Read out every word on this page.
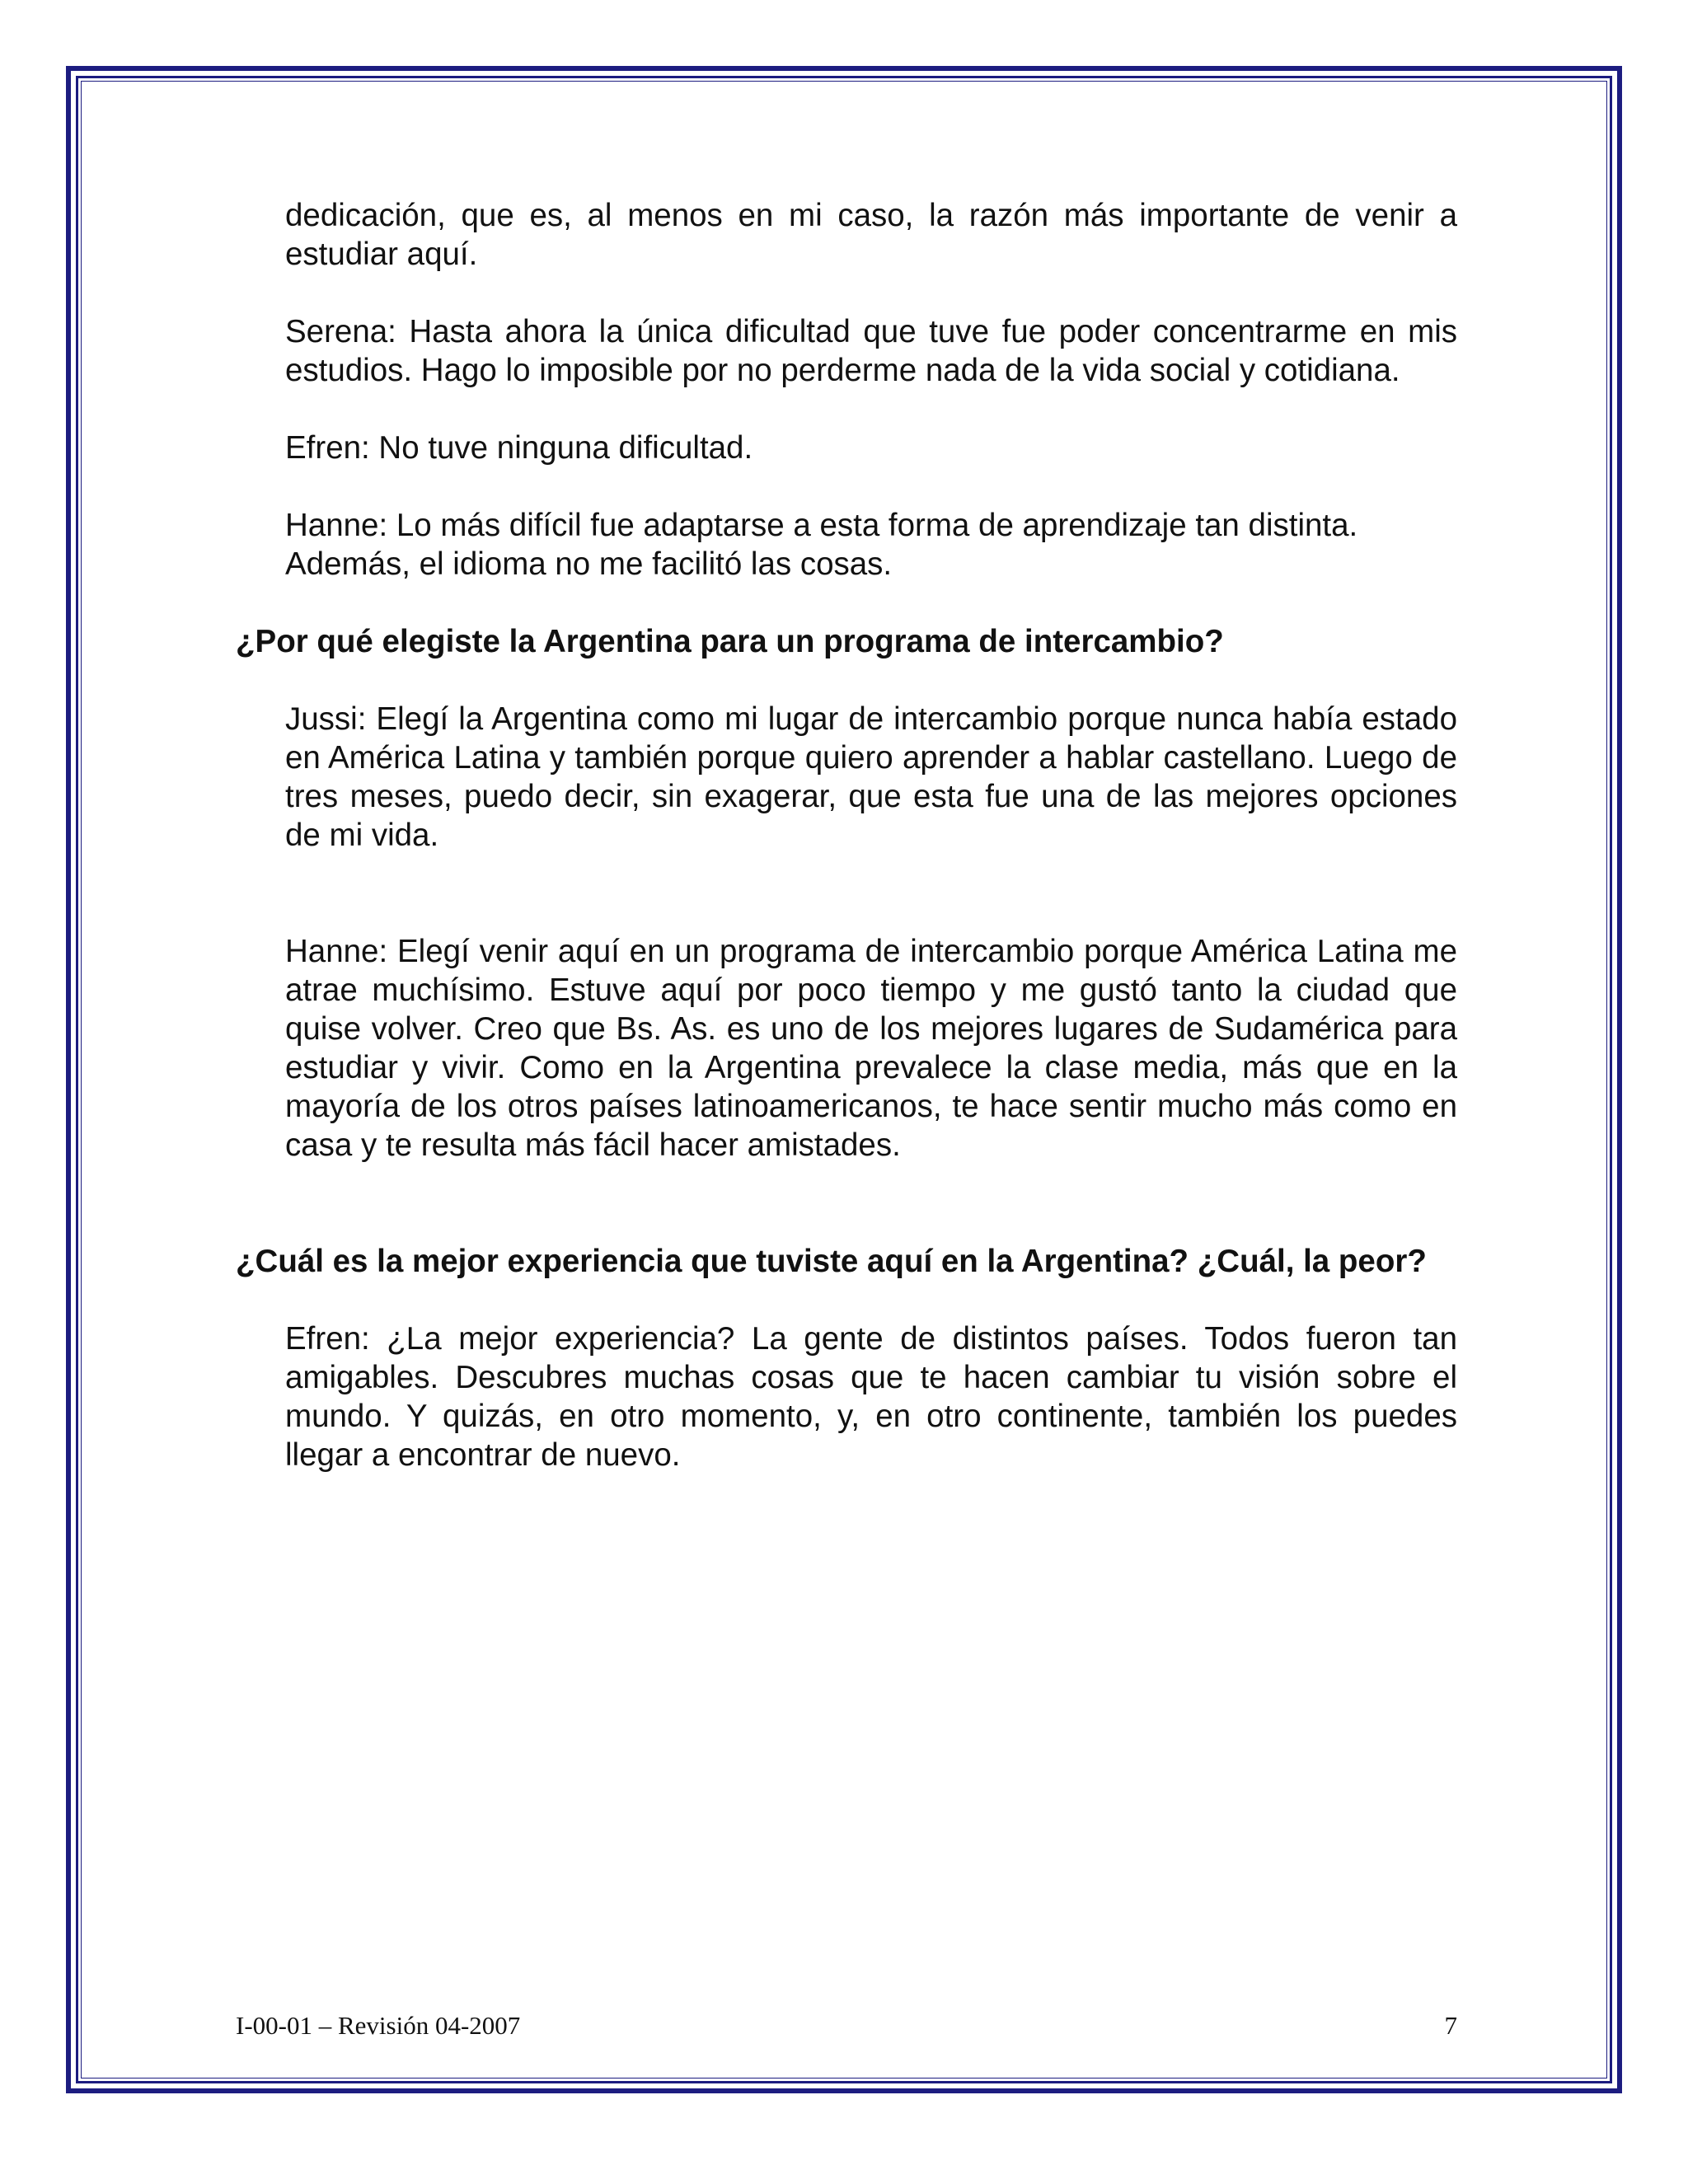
dedicación, que es, al menos en mi caso, la razón más importante de venir a estudiar aquí.

Serena: Hasta ahora la única dificultad que tuve fue poder concentrarme en mis estudios. Hago lo imposible por no perderme nada de la vida social y cotidiana.

Efren: No tuve ninguna dificultad.

Hanne: Lo más difícil fue adaptarse a esta forma de aprendizaje tan distinta. Además, el idioma no me facilitó las cosas.

¿Por qué elegiste la Argentina para un programa de intercambio?

Jussi: Elegí la Argentina como mi lugar de intercambio porque nunca había estado en América Latina y también porque quiero aprender a hablar castellano. Luego de tres meses, puedo decir, sin exagerar, que esta fue una de las mejores opciones de mi vida.

Hanne: Elegí venir aquí en un programa de intercambio porque América Latina me atrae muchísimo. Estuve aquí por poco tiempo y me gustó tanto la ciudad que quise volver. Creo que Bs. As. es uno de los mejores lugares de Sudamérica para estudiar y vivir. Como en la Argentina prevalece la clase media, más que en la mayoría de los otros países latinoamericanos, te hace sentir mucho más como en casa y te resulta más fácil hacer amistades.

¿Cuál es la mejor experiencia que tuviste aquí en la Argentina? ¿Cuál, la peor?

Efren: ¿La mejor experiencia? La gente de distintos países. Todos fueron tan amigables. Descubres muchas cosas que te hacen cambiar tu visión sobre el mundo. Y quizás, en otro momento, y, en otro continente, también los puedes llegar a encontrar de nuevo.

I-00-01 – Revisión 04-2007	7
